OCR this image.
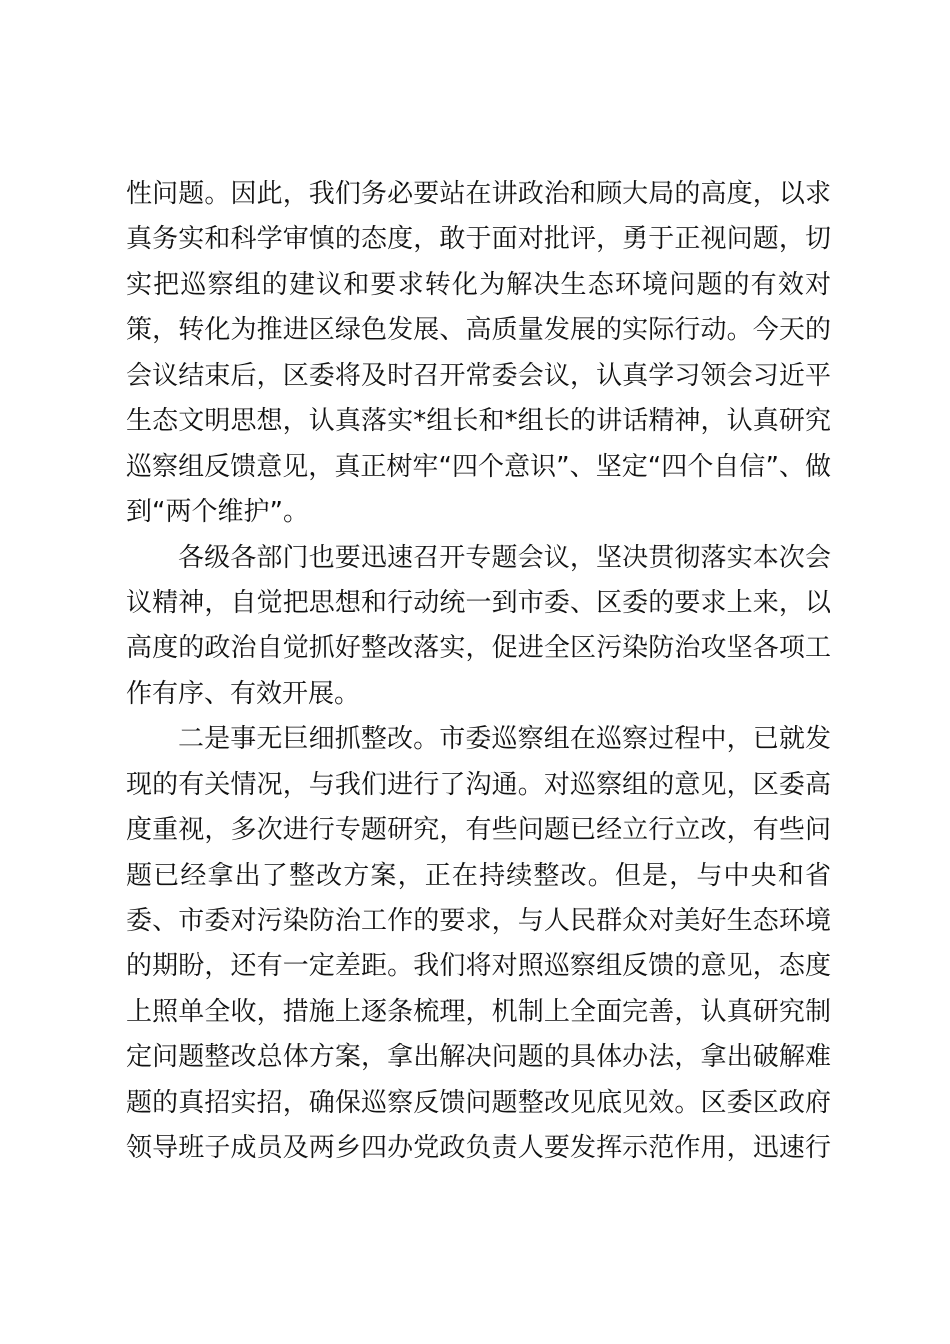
性问题。因此，我们务必要站在讲政治和顾大局的高度，以求
真务实和科学审慎的态度，敢于面对批评，勇于正视问题，切
实把巡察组的建议和要求转化为解决生态环境问题的有效对
策，转化为推进区绿色发展、高质量发展的实际行动。今天的
会议结束后，区委将及时召开常委会议，认真学习领会习近平
生态文明思想，认真落实*组长和*组长的讲话精神，认真研究
巡察组反馈意见，真正树牢“四个意识”、坚定“四个自信”、做
到“两个维护”。
各级各部门也要迅速召开专题会议，坚决贯彻落实本次会
议精神，自觉把思想和行动统一到市委、区委的要求上来，以
高度的政治自觉抓好整改落实，促进全区污染防治攻坚各项工
作有序、有效开展。
二是事无巨细抓整改。市委巡察组在巡察过程中，已就发
现的有关情况，与我们进行了沟通。对巡察组的意见，区委高
度重视，多次进行专题研究，有些问题已经立行立改，有些问
题已经拿出了整改方案，正在持续整改。但是，与中央和省
委、市委对污染防治工作的要求，与人民群众对美好生态环境
的期盼，还有一定差距。我们将对照巡察组反馈的意见，态度
上照单全收，措施上逐条梳理，机制上全面完善，认真研究制
定问题整改总体方案，拿出解决问题的具体办法，拿出破解难
题的真招实招，确保巡察反馈问题整改见底见效。区委区政府
领导班子成员及两乡四办党政负责人要发挥示范作用，迅速行
